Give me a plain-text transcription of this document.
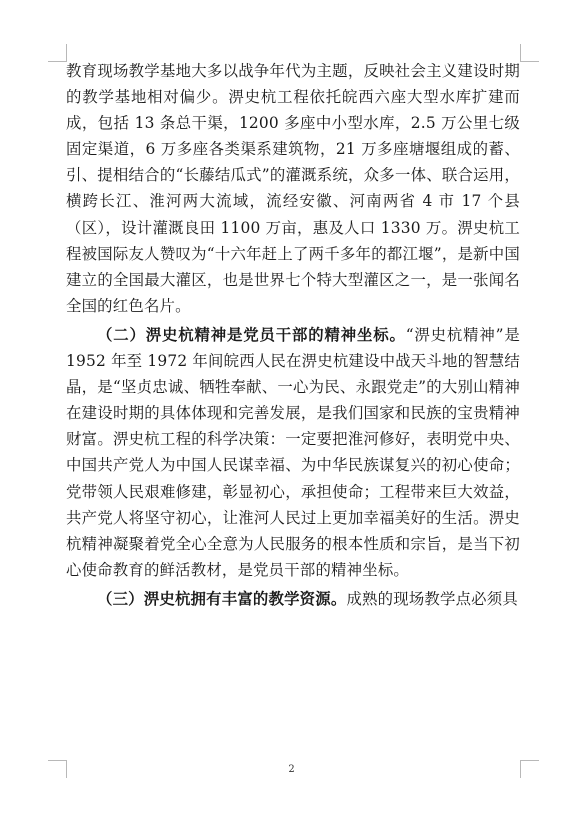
教育现场教学基地大多以战争年代为主题，反映社会主义建设时期的教学基地相对偏少。淠史杭工程依托皖西六座大型水库扩建而成，包括 13 条总干渠，1200 多座中小型水库，2.5 万公里七级固定渠道，6 万多座各类渠系建筑物，21 万多座塘堰组成的蓄、引、提相结合的“长藤结瓜式”的灌溉系统，众多一体、联合运用，横跨长江、淮河两大流域，流经安徽、河南两省 4 市 17 个县（区），设计灌溉良田 1100 万亩，惠及人口 1330 万。淠史杭工程被国际友人赞叹为“十六年赶上了两千多年的都江堰”，是新中国建立的全国最大灌区，也是世界七个特大型灌区之一，是一张闻名全国的红色名片。

（二）淠史杭精神是党员干部的精神坐标。“淠史杭精神”是 1952 年至 1972 年间皖西人民在淠史杭建设中战天斗地的智慧结晶，是“坚贞忠诚、牺牲奉献、一心为民、永跟党走”的大别山精神在建设时期的具体体现和完善发展，是我们国家和民族的宝贵精神财富。淠史杭工程的科学决策：一定要把淮河修好，表明党中央、中国共产党人为中国人民谋幸福、为中华民族谋复兴的初心使命；党带领人民艰难修建，彰显初心，承担使命；工程带来巨大效益，共产党人将坚守初心，让淮河人民过上更加幸福美好的生活。淠史杭精神凝聚着党全心全意为人民服务的根本性质和宗旨，是当下初心使命教育的鲜活教材，是党员干部的精神坐标。

（三）淠史杭拥有丰富的教学资源。成熟的现场教学点必须具

2
